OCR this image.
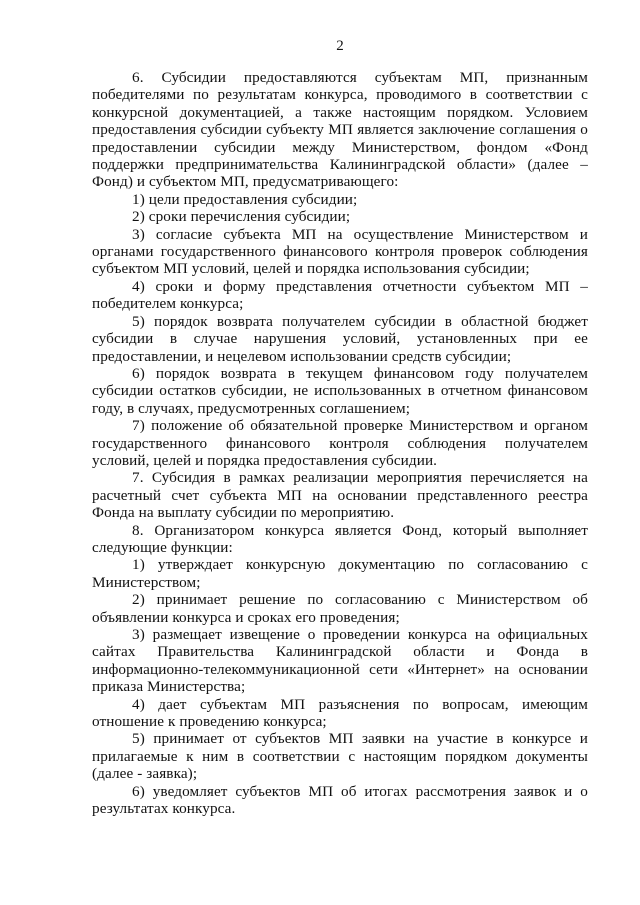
2

6. Субсидии предоставляются субъектам МП, признанным победителями по результатам конкурса, проводимого в соответствии с конкурсной документацией, а также настоящим порядком. Условием предоставления субсидии субъекту МП является заключение соглашения о предоставлении субсидии между Министерством, фондом «Фонд поддержки предпринимательства Калининградской области» (далее – Фонд) и субъектом МП, предусматривающего:

1) цели предоставления субсидии;

2) сроки перечисления субсидии;

3) согласие субъекта МП на осуществление Министерством и органами государственного финансового контроля проверок соблюдения субъектом МП условий, целей и порядка использования субсидии;

4) сроки и форму представления отчетности субъектом МП – победителем конкурса;

5) порядок возврата получателем субсидии в областной бюджет субсидии в случае нарушения условий, установленных при ее предоставлении, и нецелевом использовании средств субсидии;

6) порядок возврата в текущем финансовом году получателем субсидии остатков субсидии, не использованных в отчетном финансовом году, в случаях, предусмотренных соглашением;

7) положение об обязательной проверке Министерством и органом государственного финансового контроля соблюдения получателем условий, целей и порядка предоставления субсидии.

7. Субсидия в рамках реализации мероприятия перечисляется на расчетный счет субъекта МП на основании представленного реестра Фонда на выплату субсидии по мероприятию.

8. Организатором конкурса является Фонд, который выполняет следующие функции:

1) утверждает конкурсную документацию по согласованию с Министерством;

2) принимает решение по согласованию с Министерством об объявлении конкурса и сроках его проведения;

3) размещает извещение о проведении конкурса на официальных сайтах Правительства Калининградской области и Фонда в информационно-телекоммуникационной сети «Интернет» на основании приказа Министерства;

4) дает субъектам МП разъяснения по вопросам, имеющим отношение к проведению конкурса;

5) принимает от субъектов МП заявки на участие в конкурсе и прилагаемые к ним в соответствии с настоящим порядком документы (далее - заявка);

6) уведомляет субъектов МП об итогах рассмотрения заявок и о результатах конкурса.
